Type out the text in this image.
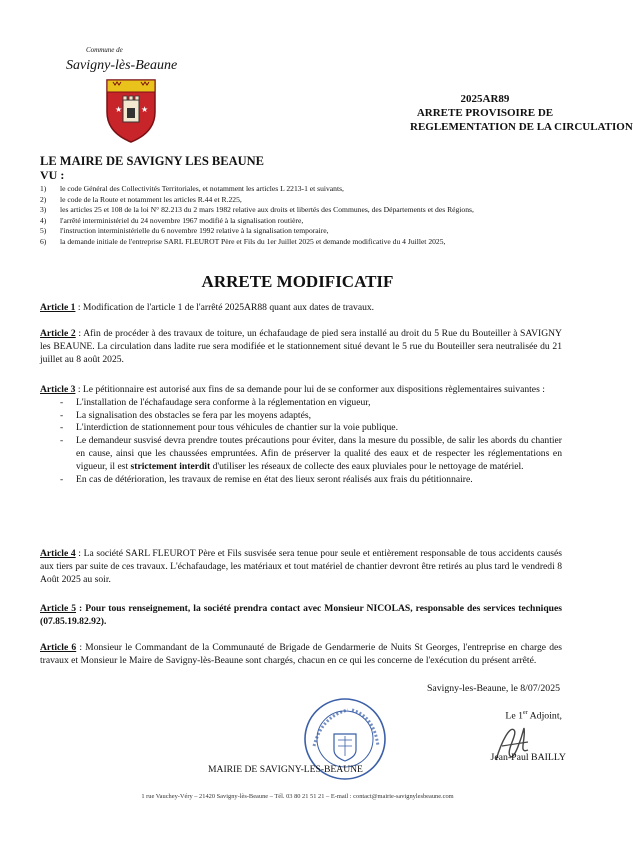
Commune de
Savigny-lès-Beaune
★ ★
2025AR89
ARRETE PROVISOIRE DE
REGLEMENTATION DE LA CIRCULATION
LE MAIRE DE SAVIGNY LES BEAUNE
VU :
1)	le code Général des Collectivités Territoriales, et notamment les articles L 2213-1 et suivants,
2)	le code de la Route et notamment les articles R.44 et R.225,
3)	les articles 25 et 108 de la loi N° 82.213 du 2 mars 1982 relative aux droits et libertés des Communes, des Départements et des Régions,
4)	l'arrêté interministériel du 24 novembre 1967 modifié à la signalisation routière,
5)	l'instruction interministérielle du 6 novembre 1992 relative à la signalisation temporaire,
6)	la demande initiale de l'entreprise SARL FLEUROT Père et Fils du 1er Juillet 2025 et demande modificative du 4 Juillet 2025,
ARRETE MODIFICATIF
Article 1 : Modification de l'article 1 de l'arrêté 2025AR88 quant aux dates de travaux.
Article 2 : Afin de procéder à des travaux de toiture, un échafaudage de pied sera installé au droit du 5 Rue du Bouteiller à SAVIGNY les BEAUNE. La circulation dans ladite rue sera modifiée et le stationnement situé devant le 5 rue du Bouteiller sera neutralisée du 21 juillet au 8 août 2025.
Article 3 : Le pétitionnaire est autorisé aux fins de sa demande pour lui de se conformer aux dispositions règlementaires suivantes :
- L'installation de l'échafaudage sera conforme à la réglementation en vigueur,
- La signalisation des obstacles se fera par les moyens adaptés,
- L'interdiction de stationnement pour tous véhicules de chantier sur la voie publique.
- Le demandeur susvisé devra prendre toutes précautions pour éviter, dans la mesure du possible, de salir les abords du chantier en cause, ainsi que les chaussées empruntées. Afin de préserver la qualité des eaux et de respecter les réglementations en vigueur, il est strictement interdit d'utiliser les réseaux de collecte des eaux pluviales pour le nettoyage de matériel.
- En cas de détérioration, les travaux de remise en état des lieux seront réalisés aux frais du pétitionnaire.
Article 4 : La société SARL FLEUROT Père et Fils susvisée sera tenue pour seule et entièrement responsable de tous accidents causés aux tiers par suite de ces travaux. L'échafaudage, les matériaux et tout matériel de chantier devront être retirés au plus tard le vendredi 8 Août 2025 au soir.
Article 5 : Pour tous renseignement, la société prendra contact avec Monsieur NICOLAS, responsable des services techniques (07.85.19.82.92).
Article 6 : Monsieur le Commandant de la Communauté de Brigade de Gendarmerie de Nuits St Georges, l'entreprise en charge des travaux et Monsieur le Maire de Savigny-lès-Beaune sont chargés, chacun en ce qui les concerne de l'exécution du présent arrêté.
Savigny-les-Beaune, le 8/07/2025
Le 1er Adjoint,
Jean-Paul BAILLY
MAIRIE DE SAVIGNY-LES-BEAUNE
1 rue Vauchey-Véry – 21420 Savigny-lès-Beaune – Tél. 03 80 21 51 21 – E-mail : contact@mairie-savignylesbeaune.com
